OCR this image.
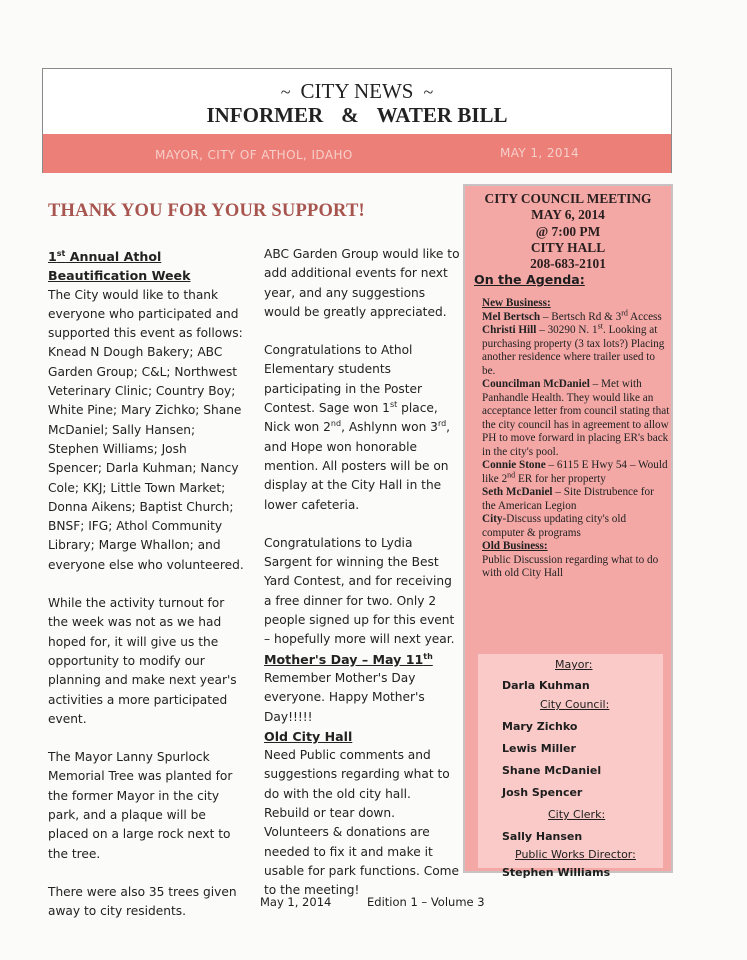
~ CITY NEWS ~
INFORMER & WATER BILL
MAYOR, CITY OF ATHOL, IDAHO	MAY 1, 2014
THANK YOU FOR YOUR SUPPORT!

1st Annual Athol Beautification Week

The City would like to thank everyone who participated and supported this event as follows: Knead N Dough Bakery; ABC Garden Group; C&L; Northwest Veterinary Clinic; Country Boy; White Pine; Mary Zichko; Shane McDaniel; Sally Hansen; Stephen Williams; Josh Spencer; Darla Kuhman; Nancy Cole; KKJ; Little Town Market; Donna Aikens; Baptist Church; BNSF; IFG; Athol Community Library; Marge Whallon; and everyone else who volunteered.

While the activity turnout for the week was not as we had hoped for, it will give us the opportunity to modify our planning and make next year's activities a more participated event.

The Mayor Lanny Spurlock Memorial Tree was planted for the former Mayor in the city park, and a plaque will be placed on a large rock next to the tree.

There were also 35 trees given away to city residents.

ABC Garden Group would like to add additional events for next year, and any suggestions would be greatly appreciated.

Congratulations to Athol Elementary students participating in the Poster Contest. Sage won 1st place, Nick won 2nd, Ashlynn won 3rd, and Hope won honorable mention. All posters will be on display at the City Hall in the lower cafeteria.

Congratulations to Lydia Sargent for winning the Best Yard Contest, and for receiving a free dinner for two. Only 2 people signed up for this event – hopefully more will next year.

Mother's Day – May 11th

Remember Mother's Day everyone. Happy Mother's Day!!!!!

Old City Hall

Need Public comments and suggestions regarding what to do with the old city hall. Rebuild or tear down. Volunteers & donations are needed to fix it and make it usable for park functions. Come to the meeting!

CITY COUNCIL MEETING
MAY 6, 2014
@ 7:00 PM
CITY HALL
208-683-2101
On the Agenda:

New Business:

Mel Bertsch – Bertsch Rd & 3rd Access

Christi Hill – 30290 N. 1st. Looking at purchasing property (3 tax lots?) Placing another residence where trailer used to be.

Councilman McDaniel – Met with Panhandle Health. They would like an acceptance letter from council stating that the city council has in agreement to allow PH to move forward in placing ER's back in the city's pool.

Connie Stone – 6115 E Hwy 54 – Would like 2nd ER for her property

Seth McDaniel – Site Distrubence for the American Legion

City-Discuss updating city's old computer & programs

Old Business:

Public Discussion regarding what to do with old City Hall

Mayor:
Darla Kuhman
City Council:
Mary Zichko
Lewis Miller
Shane McDaniel
Josh Spencer
City Clerk:
Sally Hansen
Public Works Director:
Stephen Williams
May 1, 2014	Edition 1 – Volume 3
